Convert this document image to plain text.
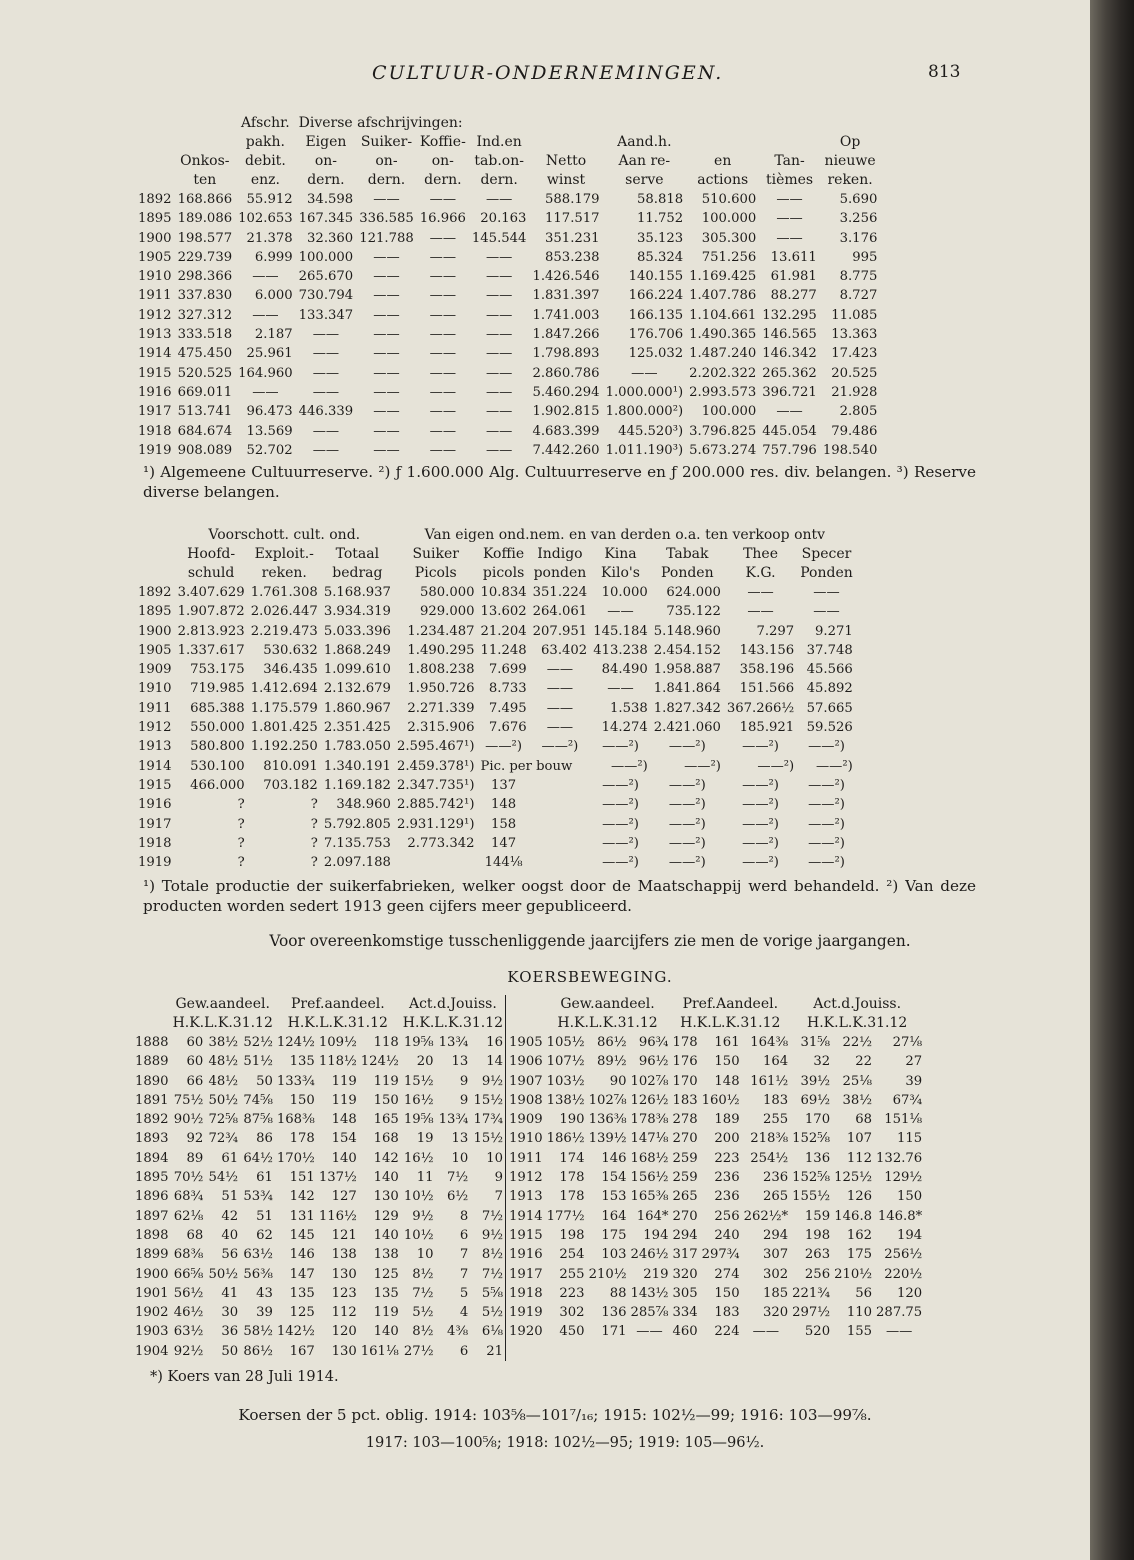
CULTUUR-ONDERNEMINGEN.	813
		Afschr.	Diverse afschrijvingen:								
		pakh.	Eigen	Suiker-	Koffie-	Ind.en		Aand.h.			Op
	Onkos-	debit.	on-	on-	on-	tab.on-	Netto	Aan re-	en	Tan-	nieuwe
	ten	enz.	dern.	dern.	dern.	dern.	winst	serve	actions	tièmes	reken.
1892	168.866	55.912	34.598	——	——	——	588.179	58.818	510.600	——	5.690
1895	189.086	102.653	167.345	336.585	16.966	20.163	117.517	11.752	100.000	——	3.256
1900	198.577	21.378	32.360	121.788	——	145.544	351.231	35.123	305.300	——	3.176
1905	229.739	6.999	100.000	——	——	——	853.238	85.324	751.256	13.611	995
1910	298.366	——	265.670	——	——	——	1.426.546	140.155	1.169.425	61.981	8.775
1911	337.830	6.000	730.794	——	——	——	1.831.397	166.224	1.407.786	88.277	8.727
1912	327.312	——	133.347	——	——	——	1.741.003	166.135	1.104.661	132.295	11.085
1913	333.518	2.187	——	——	——	——	1.847.266	176.706	1.490.365	146.565	13.363
1914	475.450	25.961	——	——	——	——	1.798.893	125.032	1.487.240	146.342	17.423
1915	520.525	164.960	——	——	——	——	2.860.786	——	2.202.322	265.362	20.525
1916	669.011	——	——	——	——	——	5.460.294	1.000.000¹)	2.993.573	396.721	21.928
1917	513.741	96.473	446.339	——	——	——	1.902.815	1.800.000²)	100.000	——	2.805
1918	684.674	13.569	——	——	——	——	4.683.399	445.520³)	3.796.825	445.054	79.486
1919	908.089	52.702	——	——	——	——	7.442.260	1.011.190³)	5.673.274	757.796	198.540
¹) Algemeene Cultuurreserve. ²) ƒ 1.600.000 Alg. Cultuurreserve en ƒ 200.000 res. div. belangen. ³) Reserve diverse belangen.
	Voorschott. cult. ond.			Van eigen ond.nem. en van derden o.a. ten verkoop ontv						
	Hoofd-	Exploit.-	Totaal	Suiker	Koffie	Indigo	Kina	Tabak	Thee	Specer
	schuld	reken.	bedrag	Picols	picols	ponden	Kilo's	Ponden	K.G.	Ponden
1892	3.407.629	1.761.308	5.168.937	580.000	10.834	351.224	10.000	624.000	——	——
1895	1.907.872	2.026.447	3.934.319	929.000	13.602	264.061	——	735.122	——	——
1900	2.813.923	2.219.473	5.033.396	1.234.487	21.204	207.951	145.184	5.148.960	7.297	9.271
1905	1.337.617	530.632	1.868.249	1.490.295	11.248	63.402	413.238	2.454.152	143.156	37.748
1909	753.175	346.435	1.099.610	1.808.238	7.699	——	84.490	1.958.887	358.196	45.566
1910	719.985	1.412.694	2.132.679	1.950.726	8.733	——	——	1.841.864	151.566	45.892
1911	685.388	1.175.579	1.860.967	2.271.339	7.495	——	1.538	1.827.342	367.266½	57.665
1912	550.000	1.801.425	2.351.425	2.315.906	7.676	——	14.274	2.421.060	185.921	59.526
1913	580.800	1.192.250	1.783.050	2.595.467¹)	——²)	——²)	——²)	——²)	——²)	——²)
1914	530.100	810.091	1.340.191	2.459.378¹)	Pic. per bouw		——²)	——²)	——²)	——²)
1915	466.000	703.182	1.169.182	2.347.735¹)	137		——²)	——²)	——²)	——²)
1916	?	?	348.960	2.885.742¹)	148		——²)	——²)	——²)	——²)
1917	?	?	5.792.805	2.931.129¹)	158		——²)	——²)	——²)	——²)
1918	?	?	7.135.753	2.773.342	147		——²)	——²)	——²)	——²)
1919	?	?	2.097.188		144⅛		——²)	——²)	——²)	——²)
¹) Totale productie der suikerfabrieken, welker oogst door de Maatschappij werd behandeld. ²) Van deze producten worden sedert 1913 geen cijfers meer gepubliceerd.
Voor overeenkomstige tusschenliggende jaarcijfers zie men de vorige jaargangen.
KOERSBEWEGING.
	Gew.aandeel.			Pref.aandeel.			Act.d.Jouiss.				Gew.aandeel.			Pref.Aandeel.			Act.d.Jouiss.		
	H.K.L.K.31.12			H.K.L.K.31.12			H.K.L.K.31.12				H.K.L.K.31.12			H.K.L.K.31.12			H.K.L.K.31.12		
1888	60	38½	52½	124½	109½	118	19⅝	13¾	16	1905	105½	86½	96¾	178	161	164⅜	31⅝	22½	27⅛
1889	60	48½	51½	135	118½	124½	20	13	14	1906	107½	89½	96½	176	150	164	32	22	27
1890	66	48½	50	133¾	119	119	15½	9	9½	1907	103½	90	102⅞	170	148	161½	39½	25⅛	39
1891	75½	50½	74⅝	150	119	150	16½	9	15½	1908	138½	102⅞	126½	183	160½	183	69½	38½	67¾
1892	90½	72⅝	87⅝	168⅜	148	165	19⅝	13¾	17¾	1909	190	136⅜	178⅜	278	189	255	170	68	151⅛
1893	92	72¾	86	178	154	168	19	13	15½	1910	186½	139½	147⅛	270	200	218⅜	152⅝	107	115
1894	89	61	64½	170½	140	142	16½	10	10	1911	174	146	168½	259	223	254½	136	112	132.76
1895	70½	54½	61	151	137½	140	11	7½	9	1912	178	154	156½	259	236	236	152⅝	125½	129½
1896	68¾	51	53¾	142	127	130	10½	6½	7	1913	178	153	165⅜	265	236	265	155½	126	150
1897	62⅛	42	51	131	116½	129	9½	8	7½	1914	177½	164	164*	270	256	262½*	159	146.8	146.8*
1898	68	40	62	145	121	140	10½	6	9½	1915	198	175	194	294	240	294	198	162	194
1899	68⅜	56	63½	146	138	138	10	7	8½	1916	254	103	246½	317	297¾	307	263	175	256½
1900	66⅝	50½	56⅜	147	130	125	8½	7	7½	1917	255	210½	219	320	274	302	256	210½	220½
1901	56½	41	43	135	123	135	7½	5	5⅝	1918	223	88	143½	305	150	185	221¾	56	120
1902	46½	30	39	125	112	119	5½	4	5½	1919	302	136	285⅞	334	183	320	297½	110	287.75
1903	63½	36	58½	142½	120	140	8½	4⅜	6⅛	1920	450	171	——	460	224	——	520	155	——
1904	92½	50	86½	167	130	161⅛	27½	6	21										
*) Koers van 28 Juli 1914.
Koersen der 5 pct. oblig. 1914: 103⅝—101⁷/₁₆; 1915: 102½—99; 1916: 103—99⅞.
1917: 103—100⅝; 1918: 102½—95; 1919: 105—96½.
